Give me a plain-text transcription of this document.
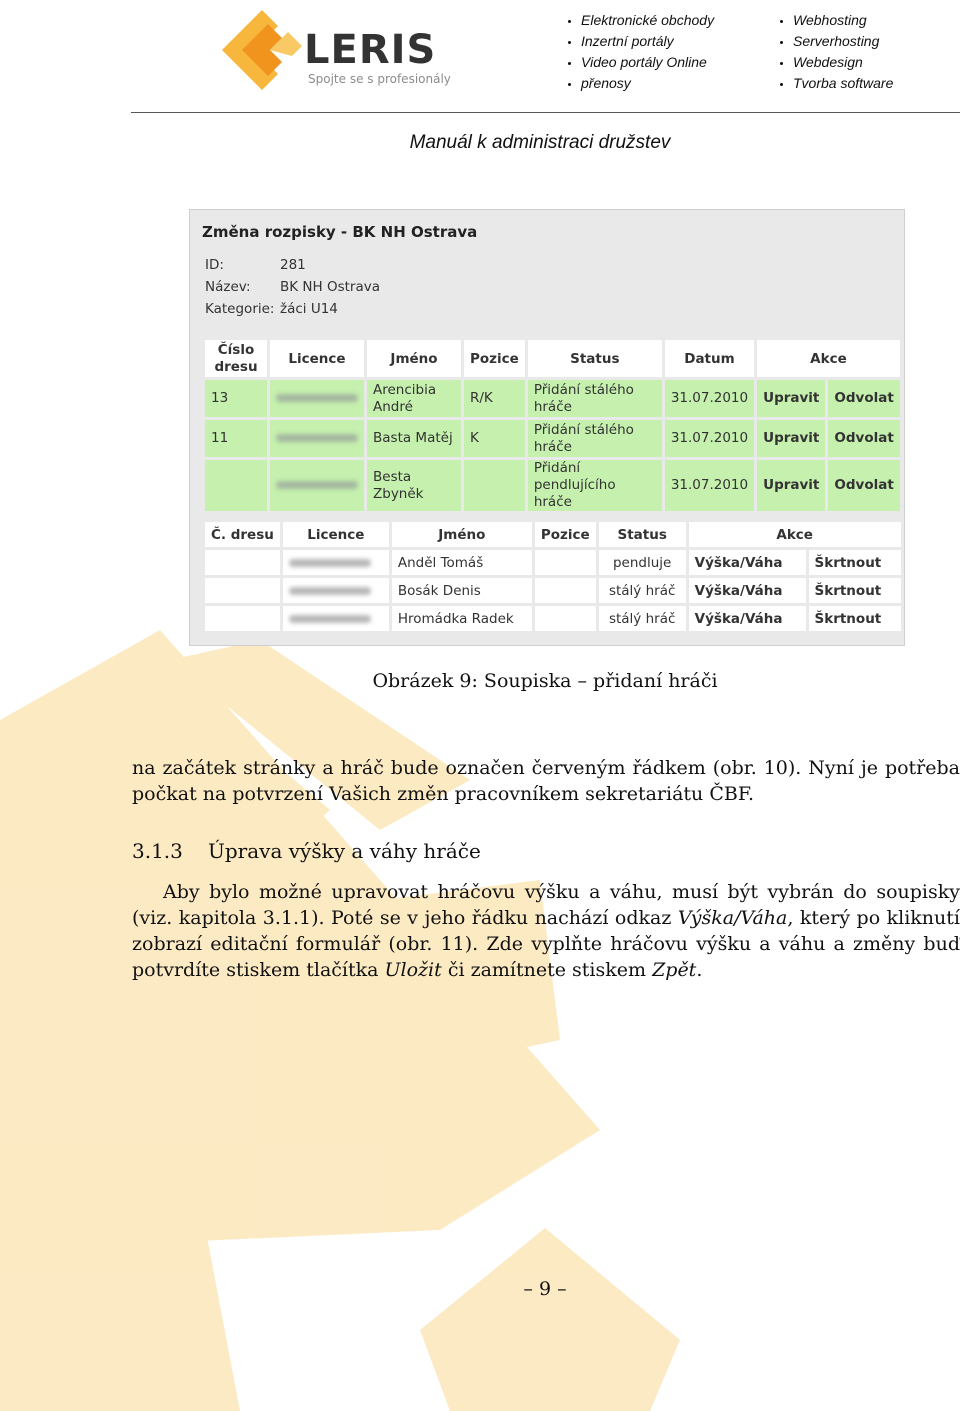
LERIS
Spojte se s profesionály
Elektronické obchody
Inzertní portály
Video portály Online
přenosy
Webhosting
Serverhosting
Webdesign
Tvorba software
Manuál k administraci družstev
Změna rozpisky - BK NH Ostrava
ID:	281
Název: BK NH Ostrava
Kategorie: žáci U14
Číslo dresu	Licence	Jméno	Pozice	Status	Datum	Akce	
13		Arencibia André	R/K	Přidání stálého hráče	31.07.2010	Upravit	Odvolat
11		Basta Matěj	K	Přidání stálého hráče	31.07.2010	Upravit	Odvolat
		Besta Zbyněk		Přidání pendlujícího hráče	31.07.2010	Upravit	Odvolat
Č. dresu	Licence	Jméno	Pozice	Status	Akce	
		Anděl Tomáš		pendluje	Výška/Váha	Škrtnout
		Bosák Denis		stálý hráč	Výška/Váha	Škrtnout
		Hromádka Radek		stálý hráč	Výška/Váha	Škrtnout
Obrázek 9: Soupiska – přidaní hráči
na začátek stránky a hráč bude označen červeným řádkem (obr. 10). Nyní je potřeba počkat na potvrzení Vašich změn pracovníkem sekretariátu ČBF.
3.1.3 Úprava výšky a váhy hráče
Aby bylo možné upravovat hráčovu výšku a váhu, musí být vybrán do soupisky (viz. kapitola 3.1.1). Poté se v jeho řádku nachází odkaz Výška/Váha, který po kliknutí zobrazí editační formulář (obr. 11). Zde vyplňte hráčovu výšku a váhu a změny buď potvrdíte stiskem tlačítka Uložit či zamítnete stiskem Zpět.
– 9 –
